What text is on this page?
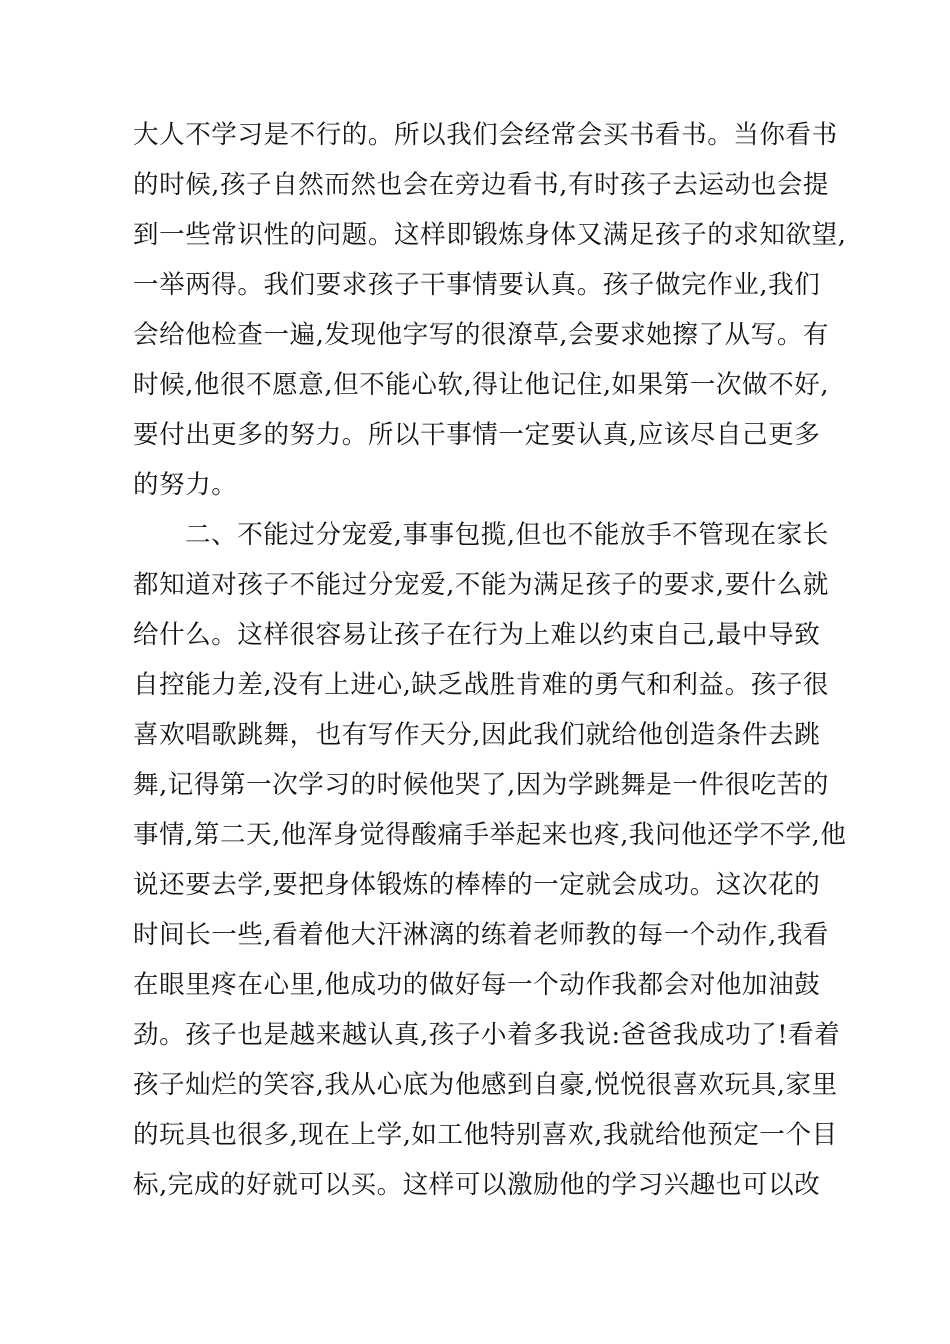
大人不学习是不行的。所以我们会经常会买书看书。当你看书
的时候,孩子自然而然也会在旁边看书,有时孩子去运动也会提
到一些常识性的问题。这样即锻炼身体又满足孩子的求知欲望,
一举两得。我们要求孩子干事情要认真。孩子做完作业,我们
会给他检查一遍,发现他字写的很潦草,会要求她擦了从写。有
时候,他很不愿意,但不能心软,得让他记住,如果第一次做不好,
要付出更多的努力。所以干事情一定要认真,应该尽自己更多
的努力。
二、不能过分宠爱,事事包揽,但也不能放手不管现在家长
都知道对孩子不能过分宠爱,不能为满足孩子的要求,要什么就
给什么。这样很容易让孩子在行为上难以约束自己,最中导致
自控能力差,没有上进心,缺乏战胜肯难的勇气和利益。孩子很
喜欢唱歌跳舞，也有写作天分,因此我们就给他创造条件去跳
舞,记得第一次学习的时候他哭了,因为学跳舞是一件很吃苦的
事情,第二天,他浑身觉得酸痛手举起来也疼,我问他还学不学,他
说还要去学,要把身体锻炼的棒棒的一定就会成功。这次花的
时间长一些,看着他大汗淋漓的练着老师教的每一个动作,我看
在眼里疼在心里,他成功的做好每一个动作我都会对他加油鼓
劲。孩子也是越来越认真,孩子小着多我说:爸爸我成功了!看着
孩子灿烂的笑容,我从心底为他感到自豪,悦悦很喜欢玩具,家里
的玩具也很多,现在上学,如工他特别喜欢,我就给他预定一个目
标,完成的好就可以买。这样可以激励他的学习兴趣也可以改
